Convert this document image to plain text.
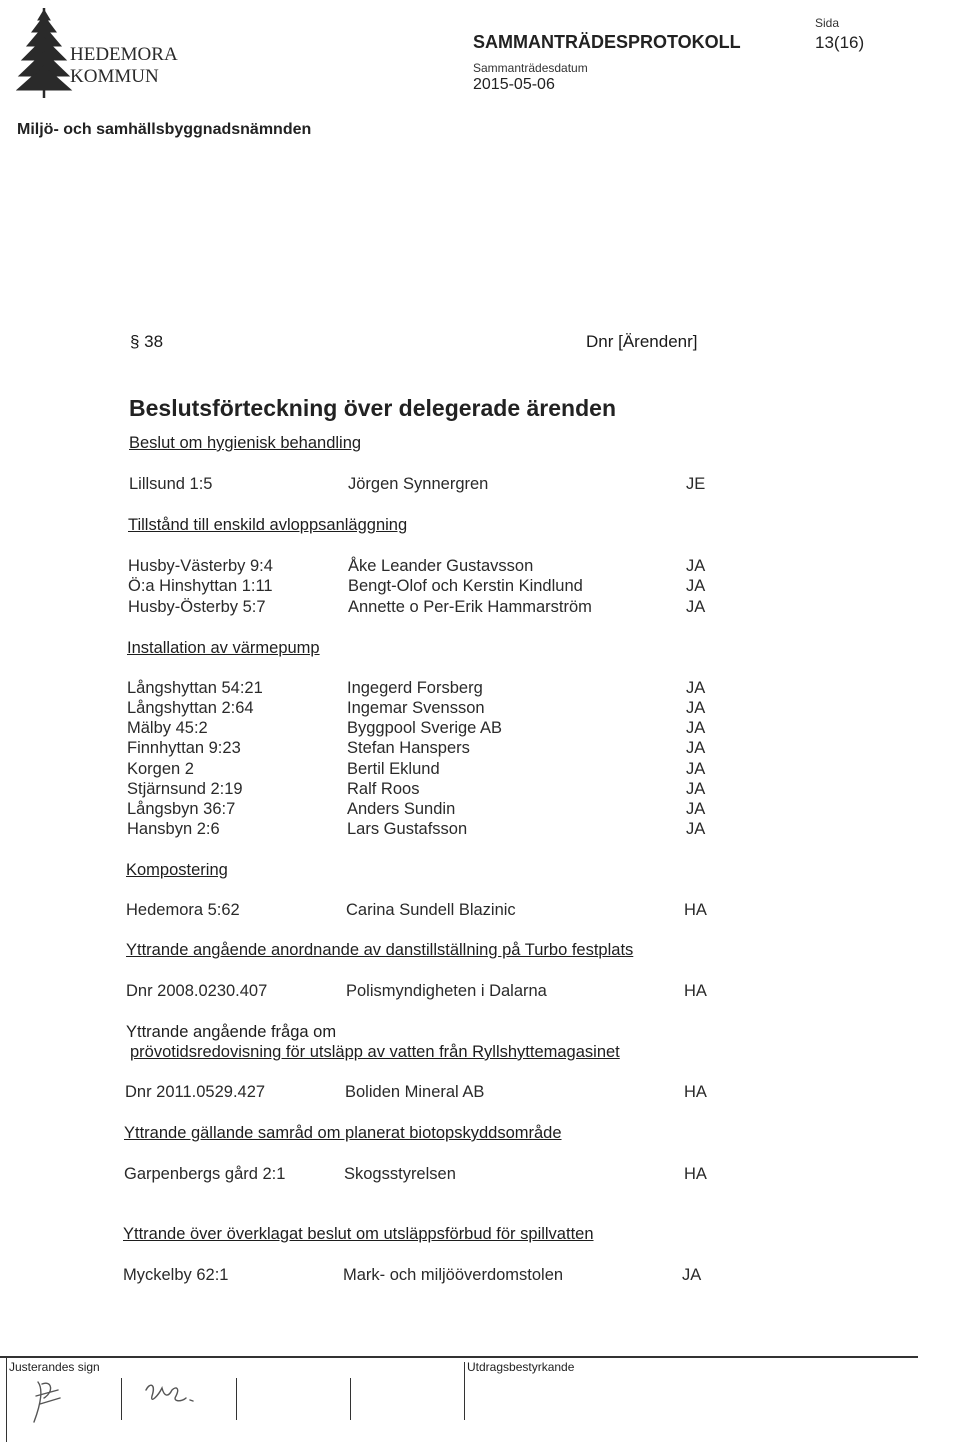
HEDEMORA
KOMMUN
SAMMANTRÄDESPROTOKOLL
Sammanträdesdatum
2015-05-06
Sida
13(16)
Miljö- och samhällsbyggnadsnämnden
§ 38	Dnr [Ärendenr]
Beslutsförteckning över delegerade ärenden
Beslut om hygienisk behandling
Lillsund 1:5	Jörgen Synnergren	JE
Tillstånd till enskild avloppsanläggning
Husby-Västerby 9:4	Åke Leander Gustavsson	JA
Ö:a Hinshyttan 1:11	Bengt-Olof och Kerstin Kindlund	JA
Husby-Österby 5:7	Annette o Per-Erik Hammarström	JA
Installation av värmepump
Långshyttan 54:21	Ingegerd Forsberg	JA
Långshyttan 2:64	Ingemar Svensson	JA
Mälby 45:2	Byggpool Sverige AB	JA
Finnhyttan 9:23	Stefan Hanspers	JA
Korgen 2	Bertil Eklund	JA
Stjärnsund 2:19	Ralf Roos	JA
Långsbyn 36:7	Anders Sundin	JA
Hansbyn 2:6	Lars Gustafsson	JA
Kompostering
Hedemora 5:62	Carina Sundell Blazinic	HA
Yttrande angående anordnande av danstillställning på Turbo festplats
Dnr 2008.0230.407	Polismyndigheten i Dalarna	HA
Yttrande angående fråga om
prövotidsredovisning för utsläpp av vatten från Ryllshyttemagasinet
Dnr 2011.0529.427	Boliden Mineral AB	HA
Yttrande gällande samråd om planerat biotopskyddsområde
Garpenbergs gård 2:1	Skogsstyrelsen	HA
Yttrande över överklagat beslut om utsläppsförbud för spillvatten
Myckelby 62:1	Mark- och miljööverdomstolen	JA
Justerandes sign	Utdragsbestyrkande
